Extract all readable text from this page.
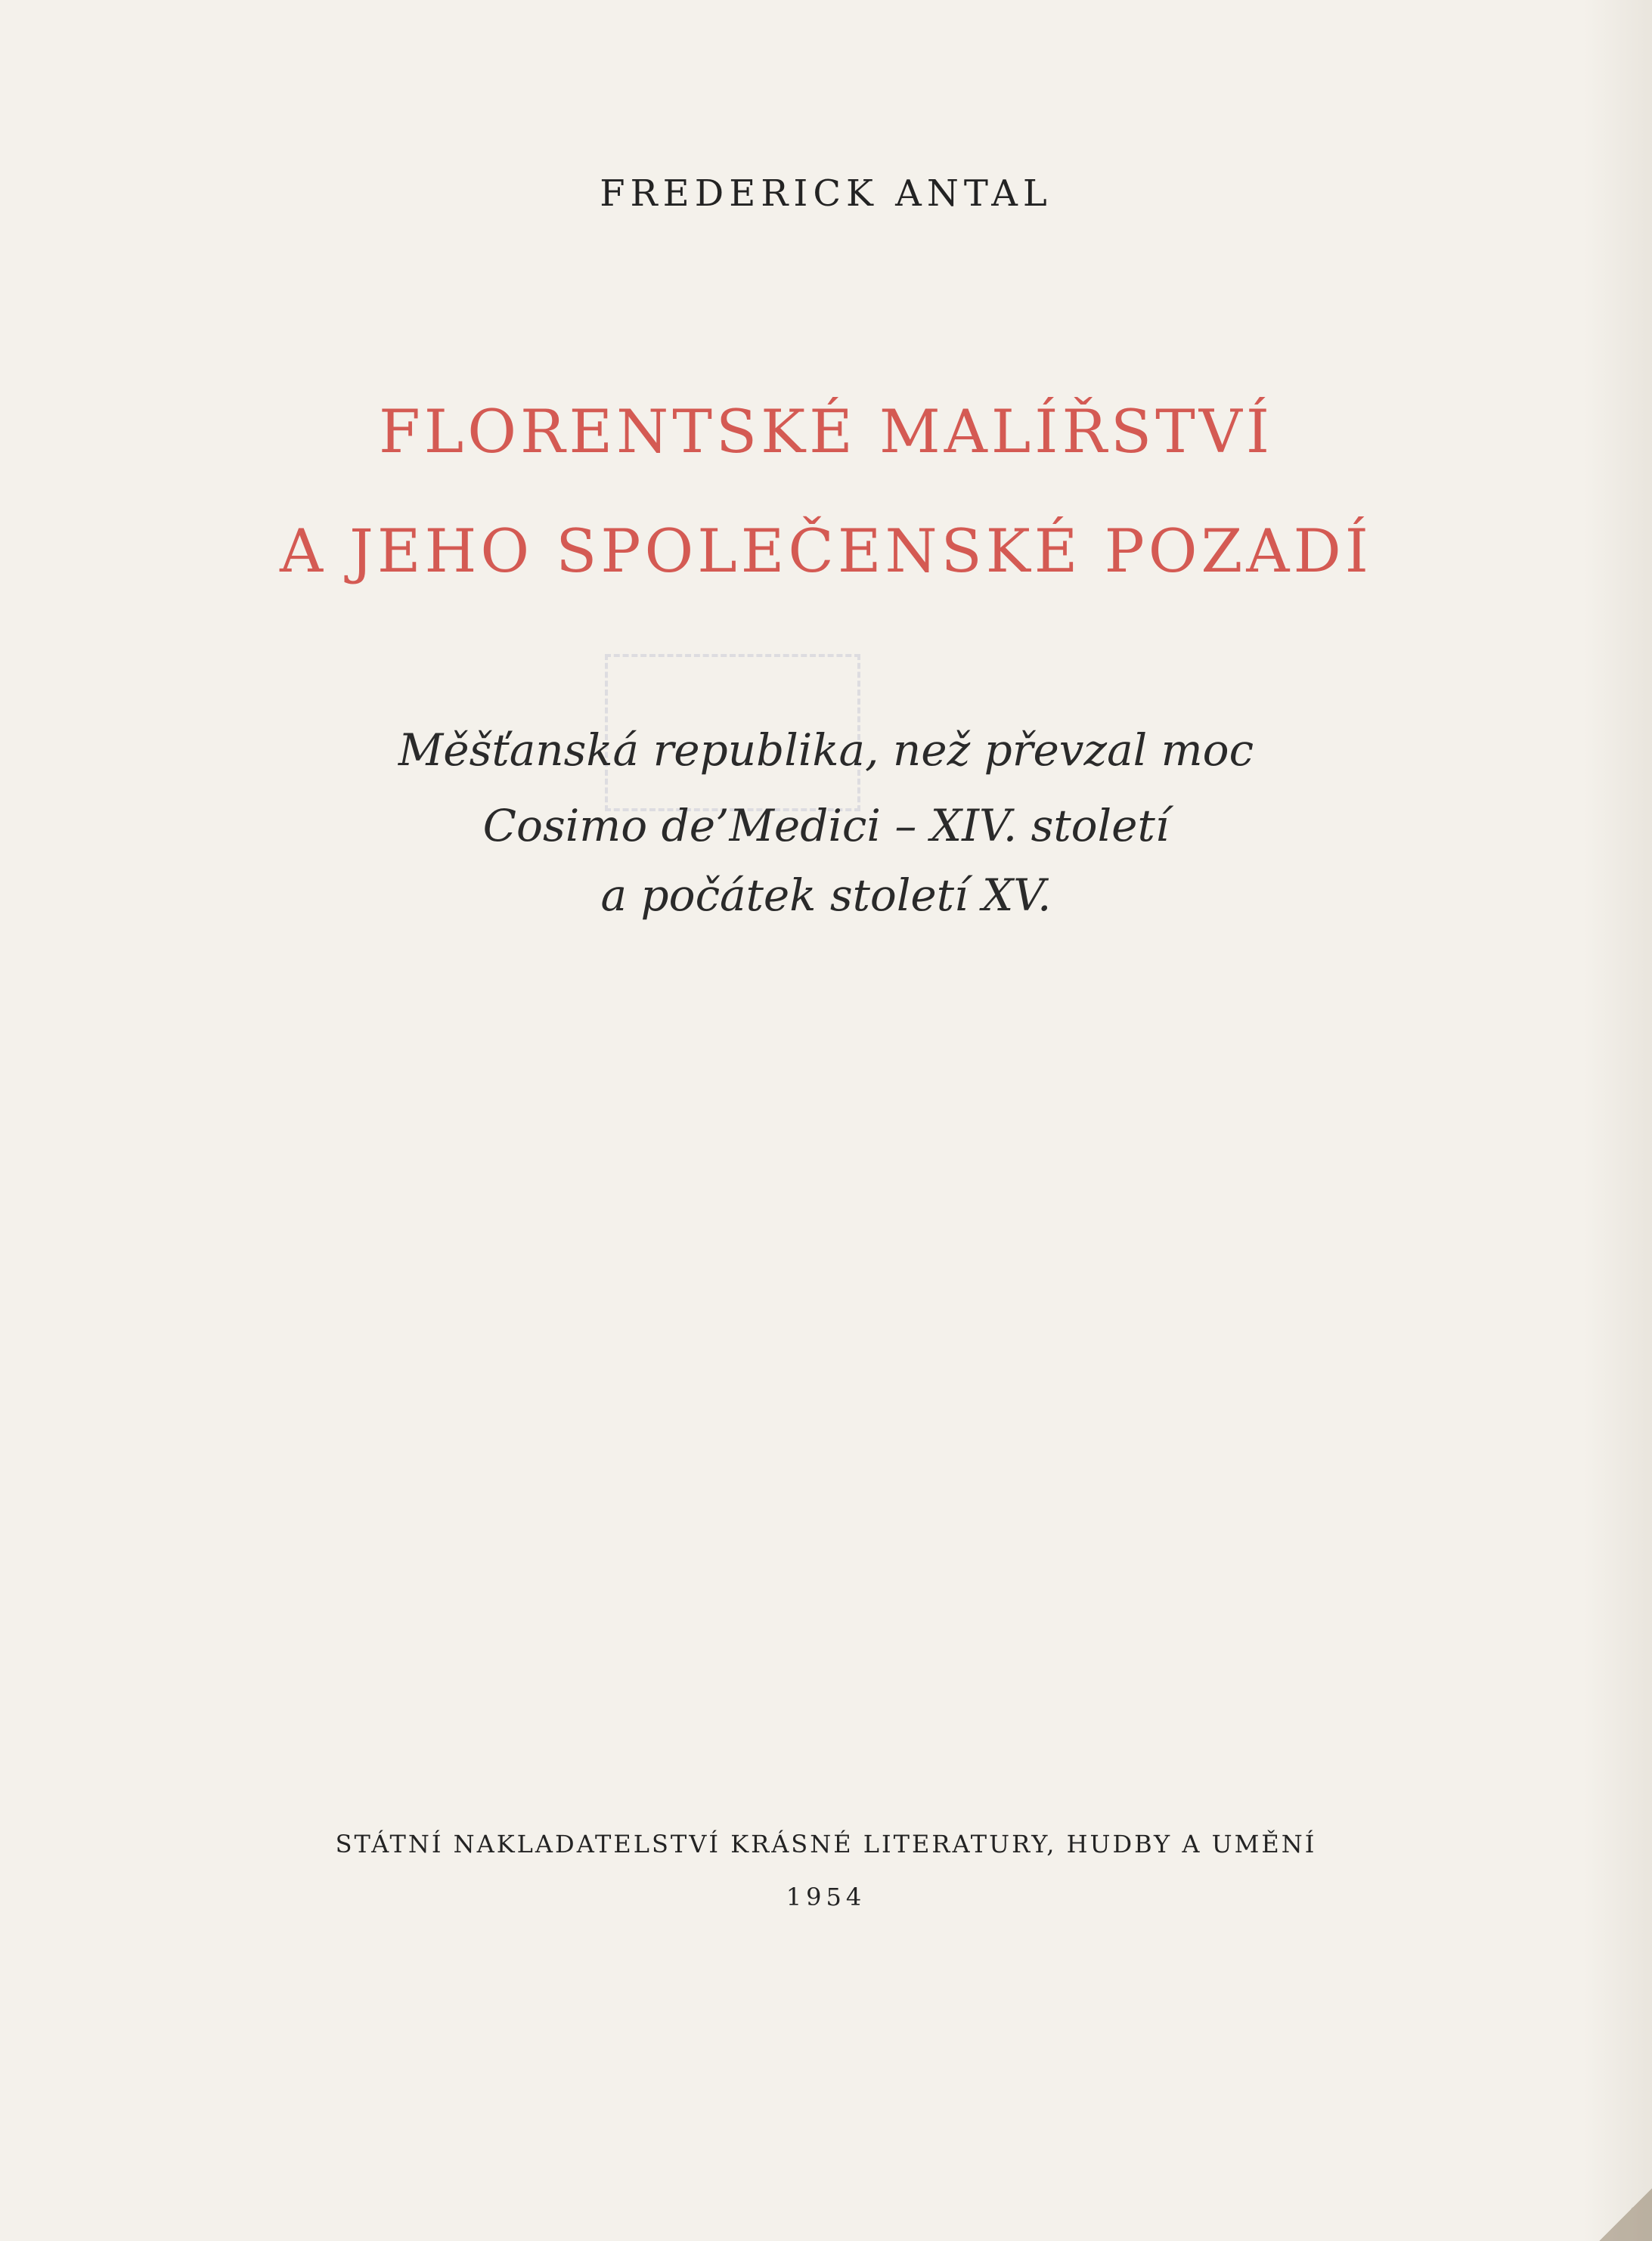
FREDERICK ANTAL
FLORENTSKÉ MALÍŘSTVÍ
A JEHO SPOLEČENSKÉ POZADÍ
Měšťanská republika, než převzal moc
Cosimo de’Medici – XIV. století
a počátek století XV.
STÁTNÍ NAKLADATELSTVÍ KRÁSNÉ LITERATURY, HUDBY A UMĚNÍ
1954
